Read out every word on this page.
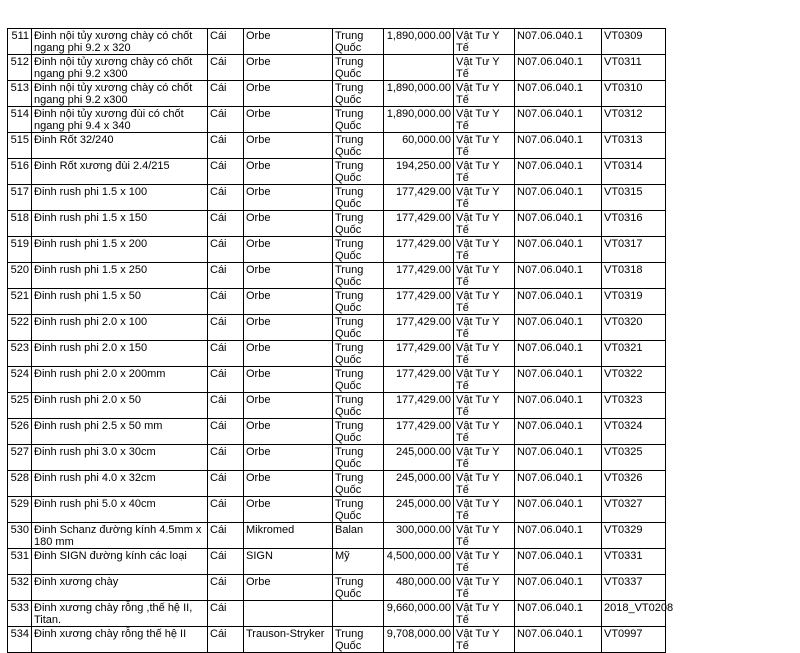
511	Đinh nội tủy xương chày có chốt ngang phi 9.2 x 320	Cái	Orbe	Trung Quốc	1,890,000.00	Vật Tư Y Tế	N07.06.040.1	VT0309
512	Đinh nội tủy xương chày có chốt ngang phi 9.2 x300	Cái	Orbe	Trung Quốc		Vật Tư Y Tế	N07.06.040.1	VT0311
513	Đinh nội tủy xương chày có chốt ngang phi 9.2 x300	Cái	Orbe	Trung Quốc	1,890,000.00	Vật Tư Y Tế	N07.06.040.1	VT0310
514	Đinh nội tủy xương đùi có chốt ngang phi 9.4 x 340	Cái	Orbe	Trung Quốc	1,890,000.00	Vật Tư Y Tế	N07.06.040.1	VT0312
515	Đinh Rốt 32/240	Cái	Orbe	Trung Quốc	60,000.00	Vật Tư Y Tế	N07.06.040.1	VT0313
516	Đinh Rốt xương đùi 2.4/215	Cái	Orbe	Trung Quốc	194,250.00	Vật Tư Y Tế	N07.06.040.1	VT0314
517	Đinh rush phi 1.5 x 100	Cái	Orbe	Trung Quốc	177,429.00	Vật Tư Y Tế	N07.06.040.1	VT0315
518	Đinh rush phi 1.5 x 150	Cái	Orbe	Trung Quốc	177,429.00	Vật Tư Y Tế	N07.06.040.1	VT0316
519	Đinh rush phi 1.5 x 200	Cái	Orbe	Trung Quốc	177,429.00	Vật Tư Y Tế	N07.06.040.1	VT0317
520	Đinh rush phi 1.5 x 250	Cái	Orbe	Trung Quốc	177,429.00	Vật Tư Y Tế	N07.06.040.1	VT0318
521	Đinh rush phi 1.5 x 50	Cái	Orbe	Trung Quốc	177,429.00	Vật Tư Y Tế	N07.06.040.1	VT0319
522	Đinh rush phi 2.0 x 100	Cái	Orbe	Trung Quốc	177,429.00	Vật Tư Y Tế	N07.06.040.1	VT0320
523	Đinh rush phi 2.0 x 150	Cái	Orbe	Trung Quốc	177,429.00	Vật Tư Y Tế	N07.06.040.1	VT0321
524	Đinh rush phi 2.0 x 200mm	Cái	Orbe	Trung Quốc	177,429.00	Vật Tư Y Tế	N07.06.040.1	VT0322
525	Đinh rush phi 2.0 x 50	Cái	Orbe	Trung Quốc	177,429.00	Vật Tư Y Tế	N07.06.040.1	VT0323
526	Đinh rush phi 2.5 x 50 mm	Cái	Orbe	Trung Quốc	177,429.00	Vật Tư Y Tế	N07.06.040.1	VT0324
527	Đinh rush phi 3.0 x 30cm	Cái	Orbe	Trung Quốc	245,000.00	Vật Tư Y Tế	N07.06.040.1	VT0325
528	Đinh rush phi 4.0 x 32cm	Cái	Orbe	Trung Quốc	245,000.00	Vật Tư Y Tế	N07.06.040.1	VT0326
529	Đinh rush phi 5.0 x 40cm	Cái	Orbe	Trung Quốc	245,000.00	Vật Tư Y Tế	N07.06.040.1	VT0327
530	Đinh Schanz đường kính 4.5mm x 180 mm	Cái	Mikromed	Balan	300,000.00	Vật Tư Y Tế	N07.06.040.1	VT0329
531	Đinh SIGN đường kính các loại	Cái	SIGN	Mỹ	4,500,000.00	Vật Tư Y Tế	N07.06.040.1	VT0331
532	Đinh xương chày	Cái	Orbe	Trung Quốc	480,000.00	Vật Tư Y Tế	N07.06.040.1	VT0337
533	Đinh xương chày rỗng ,thế hệ II, Titan.	Cái			9,660,000.00	Vật Tư Y Tế	N07.06.040.1	2018_VT0208
534	Đinh xương chày rỗng thế hệ II	Cái	Trauson-Stryker	Trung Quốc	9,708,000.00	Vật Tư Y Tế	N07.06.040.1	VT0997
